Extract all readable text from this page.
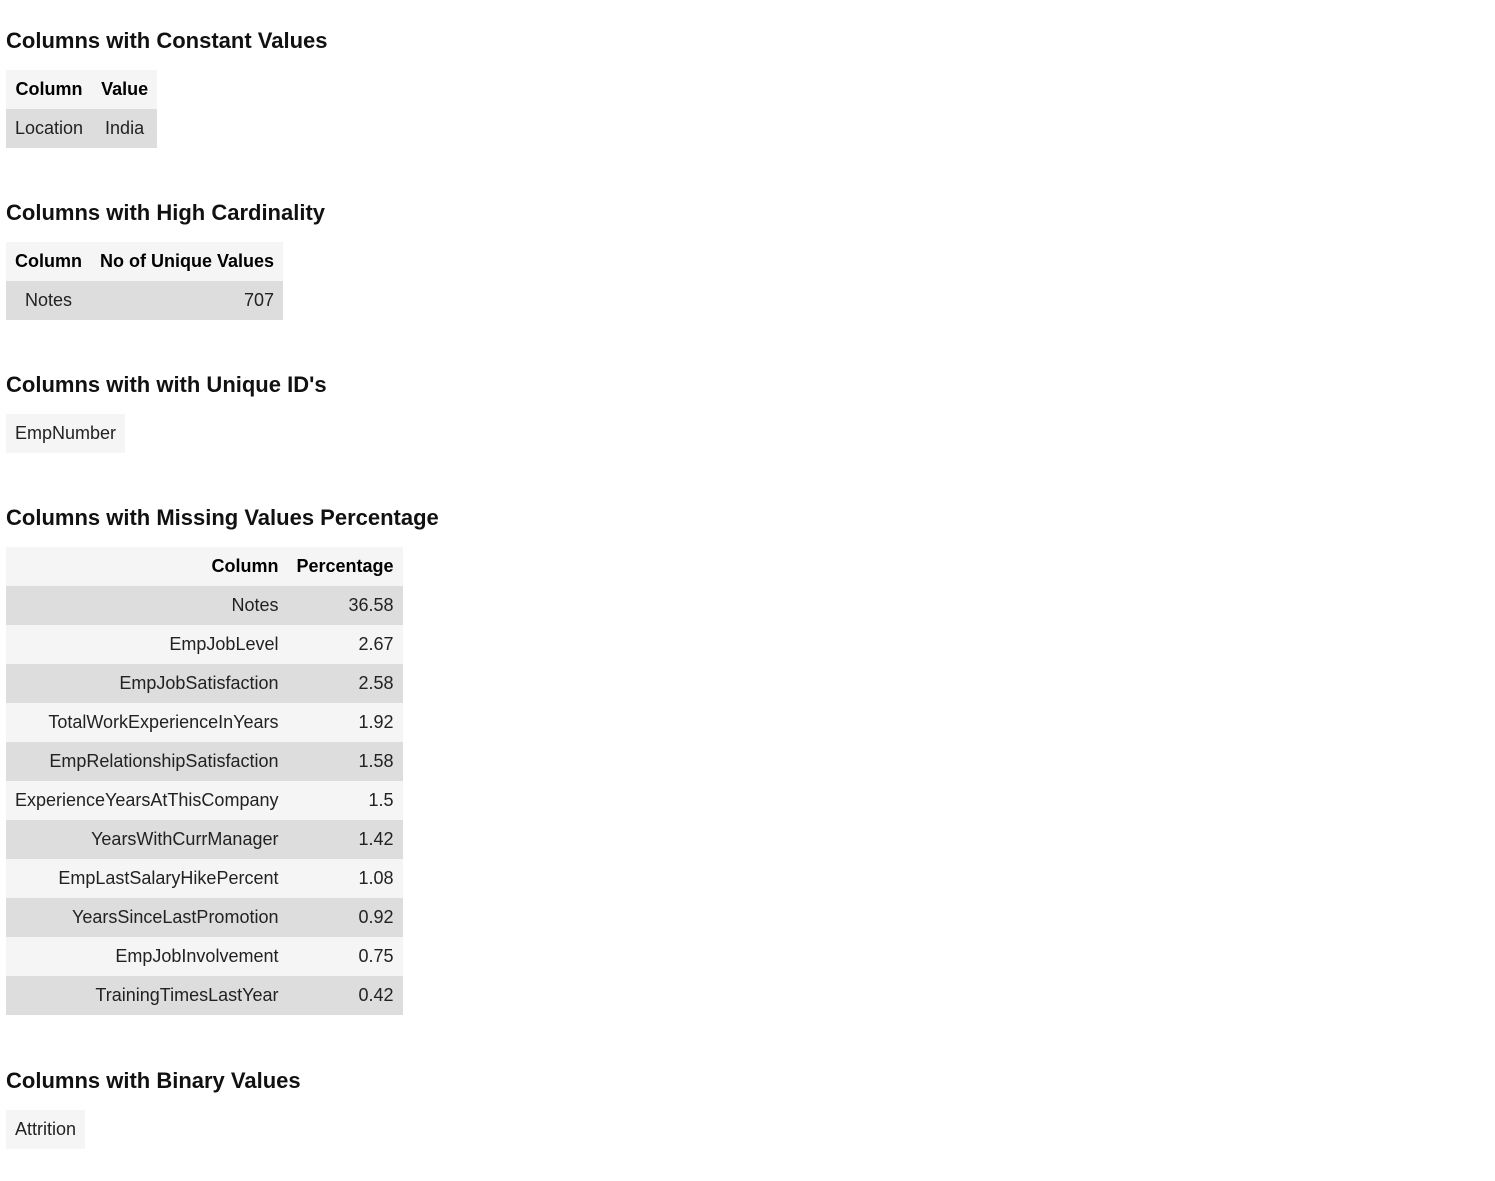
Columns with Constant Values
Column	Value
Location	India
Columns with High Cardinality
Column	No of Unique Values
Notes	707
Columns with with Unique ID's
EmpNumber
Columns with Missing Values Percentage
Column	Percentage
Notes	36.58
EmpJobLevel	2.67
EmpJobSatisfaction	2.58
TotalWorkExperienceInYears	1.92
EmpRelationshipSatisfaction	1.58
ExperienceYearsAtThisCompany	1.5
YearsWithCurrManager	1.42
EmpLastSalaryHikePercent	1.08
YearsSinceLastPromotion	0.92
EmpJobInvolvement	0.75
TrainingTimesLastYear	0.42
Columns with Binary Values
Attrition
